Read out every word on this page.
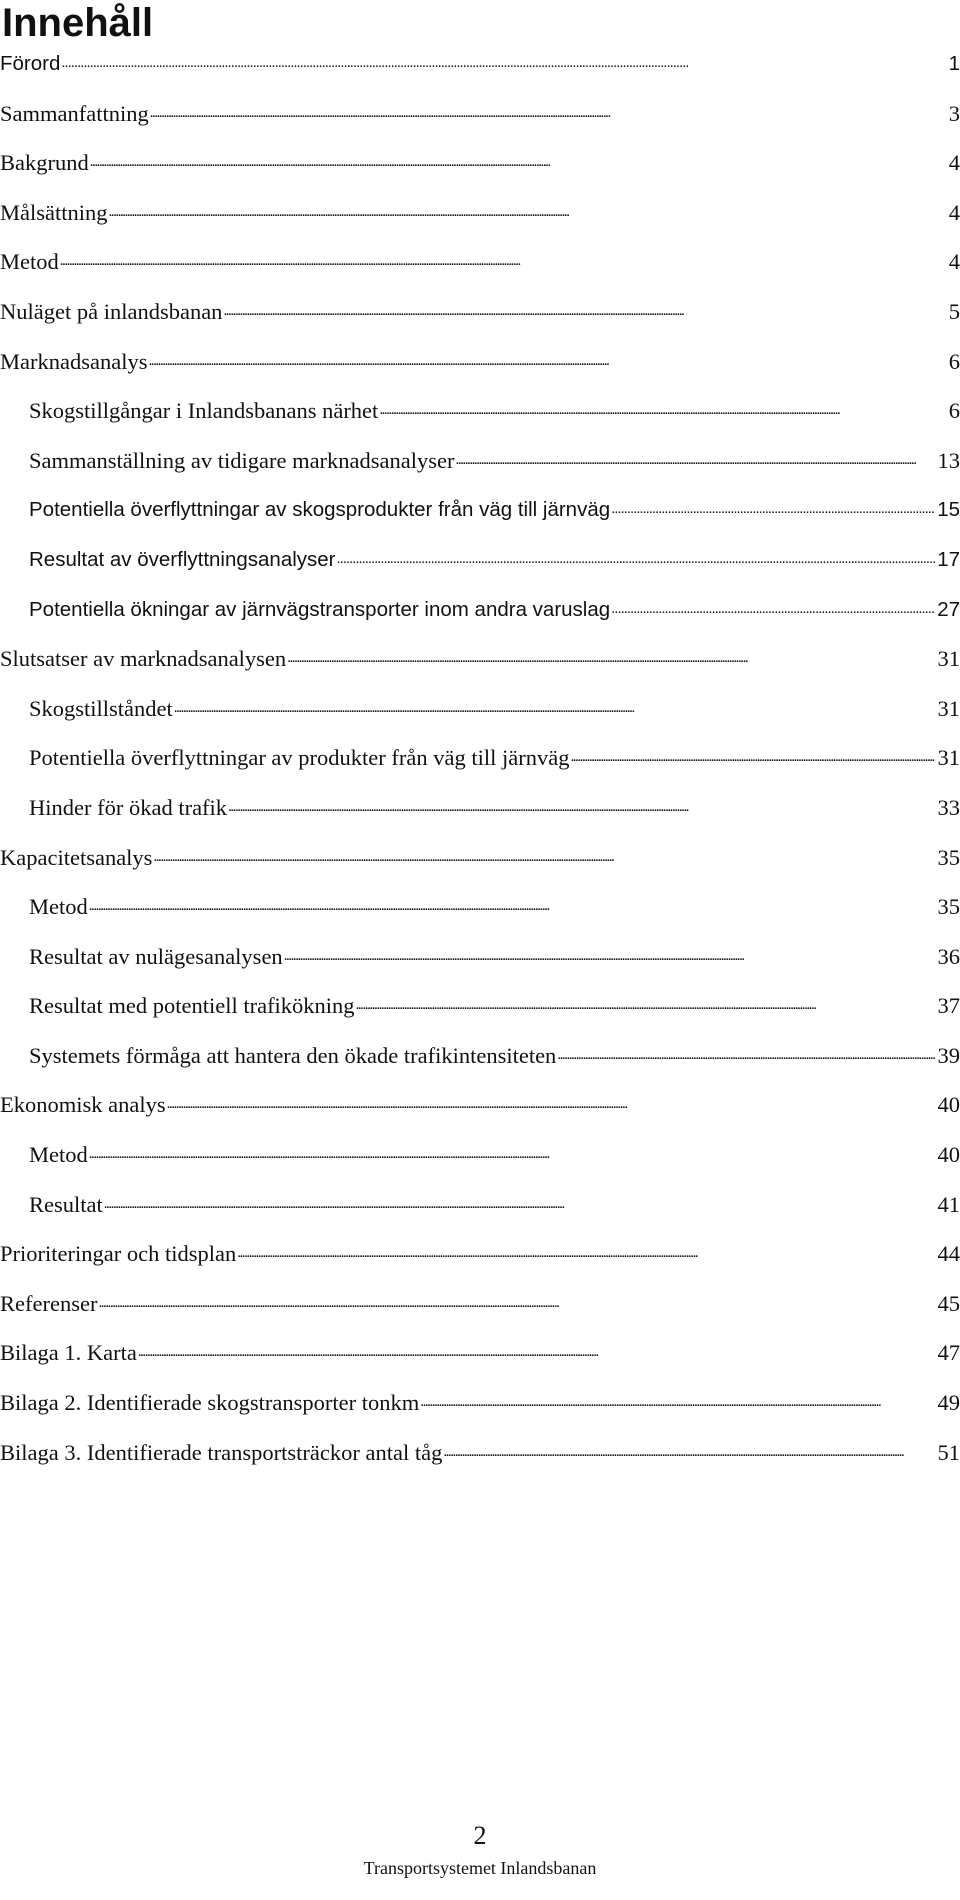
Innehåll
Förord . . .	1
Sammanfattning . . .	3
Bakgrund . . .	4
Målsättning . . .	4
Metod . . .	4
Nuläget på inlandsbanan . . .	5
Marknadsanalys . . .	6
Skogstillgångar i Inlandsbanans närhet . . .	6
Sammanställning av tidigare marknadsanalyser . . .	13
Potentiella överflyttningar av skogsprodukter från väg till järnväg . . .	15
Resultat av överflyttningsanalyser . . .	17
Potentiella ökningar av järnvägstransporter inom andra varuslag . . .	27
Slutsatser av marknadsanalysen . . .	31
Skogstillståndet . . .	31
Potentiella överflyttningar av produkter från väg till järnväg . . .	31
Hinder för ökad trafik . . .	33
Kapacitetsanalys . . .	35
Metod . . .	35
Resultat av nulägesanalysen . . .	36
Resultat med potentiell trafikökning . . .	37
Systemets förmåga att hantera den ökade trafikintensiteten . . .	39
Ekonomisk analys . . .	40
Metod . . .	40
Resultat . . .	41
Prioriteringar och tidsplan . . .	44
Referenser . . .	45
Bilaga 1. Karta . . .	47
Bilaga 2. Identifierade skogstransporter tonkm . . .	49
Bilaga 3. Identifierade transportsträckor antal tåg . . .	51
2
Transportsystemet Inlandsbanan
